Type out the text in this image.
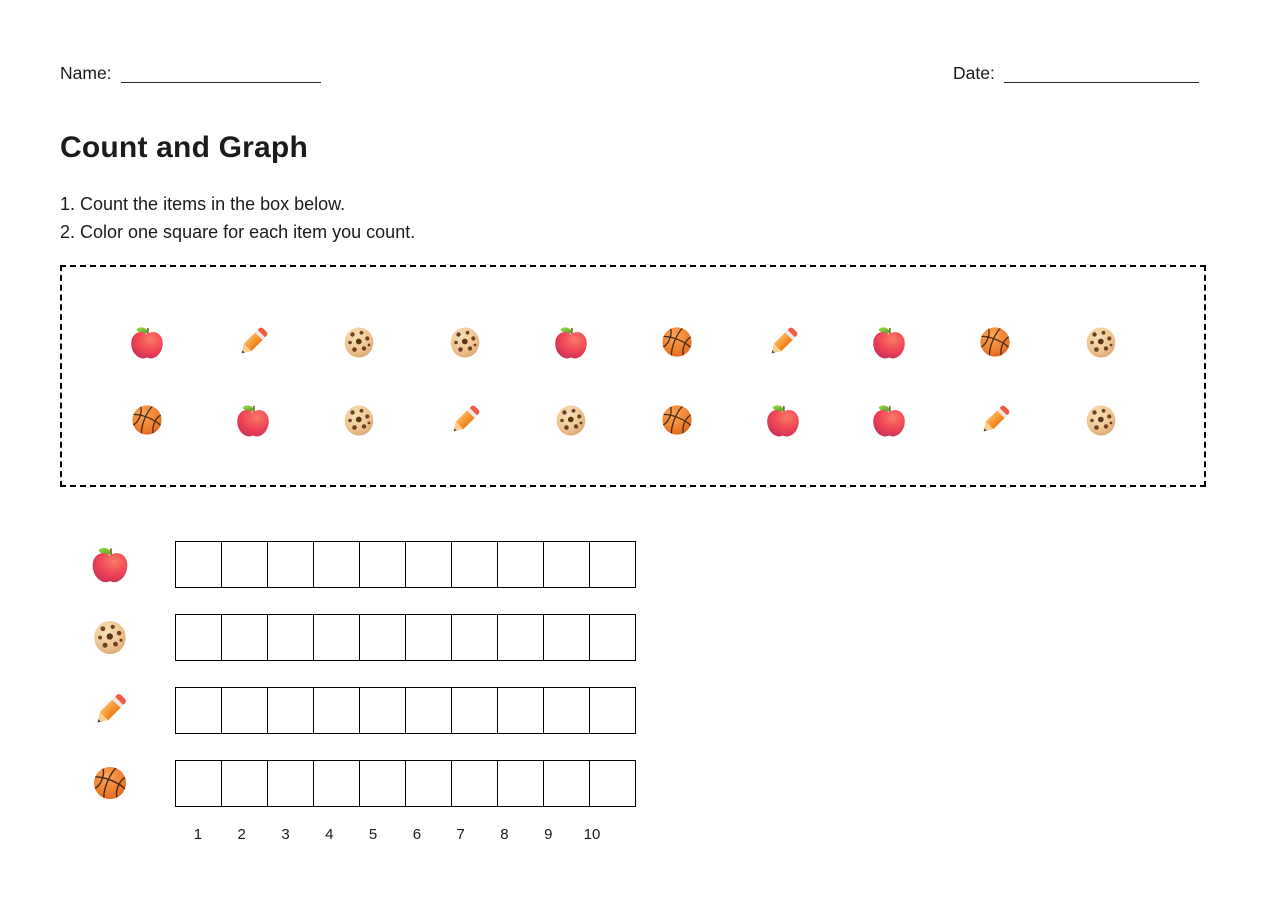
Name:	Date:
Count and Graph
1. Count the items in the box below.
2. Color one square for each item you count.
1	2	3	4	5	6	7	8	9	10
